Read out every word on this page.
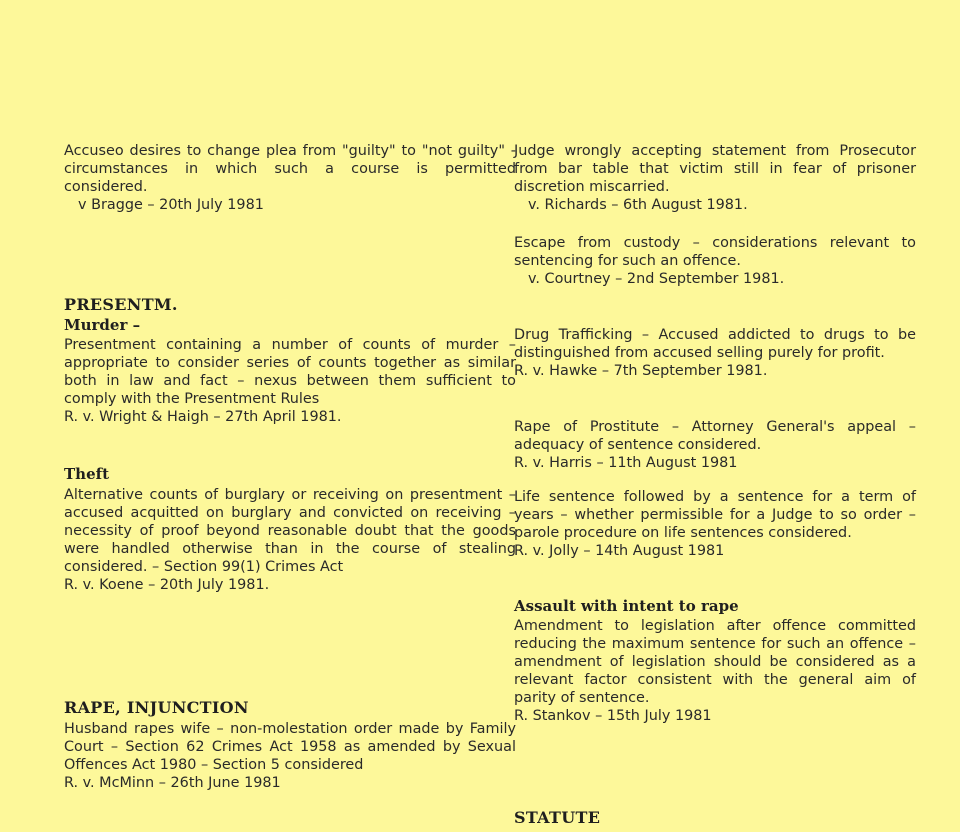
Accuseo desires to change plea from "guilty" to "not guilty" - circumstances in which such a course is permitted considered.

v Bragge – 20th July 1981

PRESENTM.
Murder –

Presentment containing a number of counts of murder – appropriate to consider series of counts together as similar both in law and fact – nexus between them sufficient to comply with the Presentment Rules

R. v. Wright & Haigh – 27th April 1981.

Theft

Alternative counts of burglary or receiving on presentment – accused acquitted on burglary and convicted on receiving – necessity of proof beyond reasonable doubt that the goods were handled otherwise than in the course of stealing considered. – Section 99(1) Crimes Act

R. v. Koene – 20th July 1981.

RAPE, INJUNCTION

Husband rapes wife – non-molestation order made by Family Court – Section 62 Crimes Act 1958 as amended by Sexual Offences Act 1980 – Section 5 considered

R. v. McMinn – 26th June 1981

Judge wrongly accepting statement from Prosecutor from bar table that victim still in fear of prisoner discretion miscarried.

v. Richards – 6th August 1981.

Escape from custody – considerations relevant to sentencing for such an offence.

v. Courtney – 2nd September 1981.

Drug Trafficking – Accused addicted to drugs to be distinguished from accused selling purely for profit.

R. v. Hawke – 7th September 1981.

Rape of Prostitute – Attorney General's appeal – adequacy of sentence considered.

R. v. Harris – 11th August 1981

Life sentence followed by a sentence for a term of years – whether permissible for a Judge to so order – parole procedure on life sentences considered.

R. v. Jolly – 14th August 1981

Assault with intent to rape

Amendment to legislation after offence committed reducing the maximum sentence for such an offence – amendment of legislation should be considered as a relevant factor consistent with the general aim of parity of sentence.

R. Stankov – 15th July 1981

STATUTE
